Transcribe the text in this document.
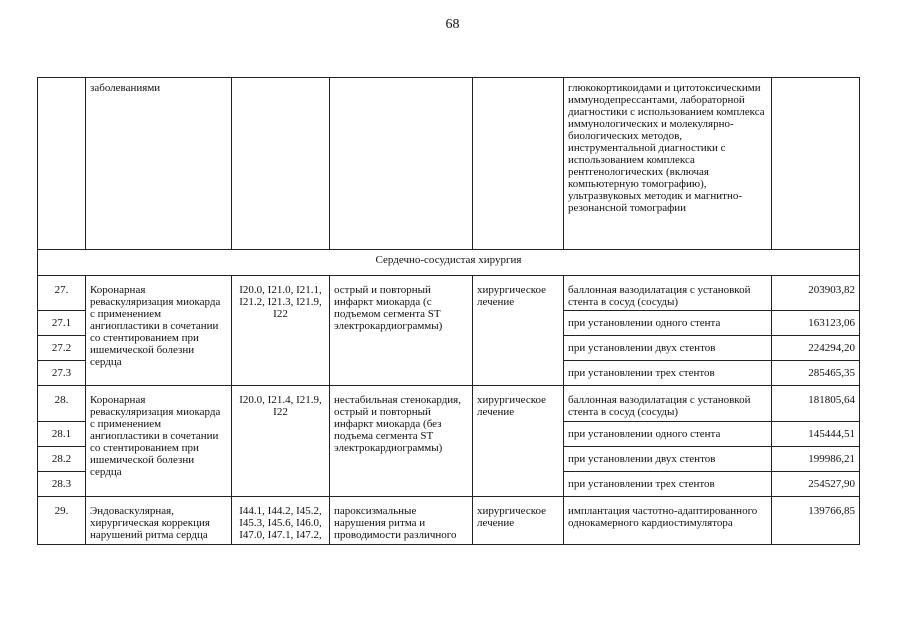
68
	заболеваниями				глюкокортикоидами и цитотоксическими иммунодепрессантами, лабораторной диагностики с использованием комплекса иммунологических и молекулярно-биологических методов, инструментальной диагностики с использованием комплекса рентгенологических (включая компьютерную томографию), ультразвуковых методик и магнитно-резонансной томографии	
Сердечно-сосудистая хирургия						
27.	Коронарная реваскуляризация миокарда с применением ангиопластики в сочетании со стентированием при ишемической болезни сердца	I20.0, I21.0, I21.1, I21.2, I21.3, I21.9, I22	острый и повторный инфаркт миокарда (с подъемом сегмента ST электрокардиограммы)	хирургическое лечение	баллонная вазодилатация с установкой стента в сосуд (сосуды)	203903,82
27.1					при установлении одного стента	163123,06
27.2					при установлении двух стентов	224294,20
27.3					при установлении трех стентов	285465,35
28.	Коронарная реваскуляризация миокарда с применением ангиопластики в сочетании со стентированием при ишемической болезни сердца	I20.0, I21.4, I21.9, I22	нестабильная стенокардия, острый и повторный инфаркт миокарда (без подъема сегмента ST электрокардиограммы)	хирургическое лечение	баллонная вазодилатация с установкой стента в сосуд (сосуды)	181805,64
28.1					при установлении одного стента	145444,51
28.2					при установлении двух стентов	199986,21
28.3					при установлении трех стентов	254527,90
29.	Эндоваскулярная, хирургическая коррекция нарушений ритма сердца	I44.1, I44.2, I45.2, I45.3, I45.6, I46.0, I47.0, I47.1, I47.2,	пароксизмальные нарушения ритма и проводимости различного	хирургическое лечение	имплантация частотно-адаптированного однокамерного кардиостимулятора	139766,85
